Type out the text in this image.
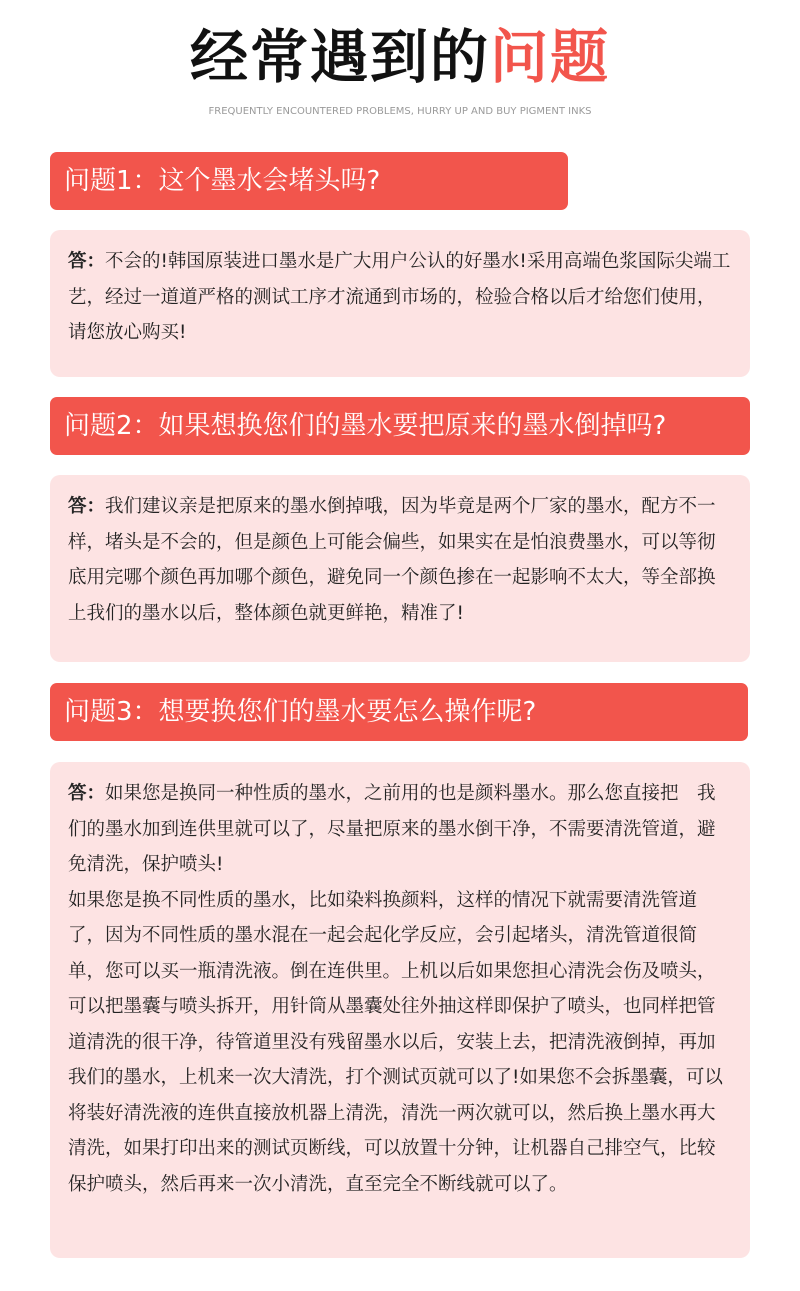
经常遇到的问题
FREQUENTLY ENCOUNTERED PROBLEMS, HURRY UP AND BUY PIGMENT INKS
问题1：这个墨水会堵头吗?

答：不会的!韩国原装进口墨水是广大用户公认的好墨水!采用高端色浆国际尖端工艺，经过一道道严格的测试工序才流通到市场的，检验合格以后才给您们使用，请您放心购买!

问题2：如果想换您们的墨水要把原来的墨水倒掉吗?

答：我们建议亲是把原来的墨水倒掉哦，因为毕竟是两个厂家的墨水，配方不一样，堵头是不会的，但是颜色上可能会偏些，如果实在是怕浪费墨水，可以等彻底用完哪个颜色再加哪个颜色，避免同一个颜色掺在一起影响不太大，等全部换上我们的墨水以后，整体颜色就更鲜艳，精准了!

问题3：想要换您们的墨水要怎么操作呢?

答：如果您是换同一种性质的墨水，之前用的也是颜料墨水。那么您直接把　我们的墨水加到连供里就可以了，尽量把原来的墨水倒干净，不需要清洗管道，避免清洗，保护喷头!

如果您是换不同性质的墨水，比如染料换颜料，这样的情况下就需要清洗管道了，因为不同性质的墨水混在一起会起化学反应，会引起堵头，清洗管道很简单，您可以买一瓶清洗液。倒在连供里。上机以后如果您担心清洗会伤及喷头，可以把墨囊与喷头拆开，用针筒从墨囊处往外抽这样即保护了喷头，也同样把管道清洗的很干净，待管道里没有残留墨水以后，安装上去，把清洗液倒掉，再加我们的墨水，上机来一次大清洗，打个测试页就可以了!如果您不会拆墨囊，可以将装好清洗液的连供直接放机器上清洗，清洗一两次就可以，然后换上墨水再大清洗，如果打印出来的测试页断线，可以放置十分钟，让机器自己排空气，比较保护喷头，然后再来一次小清洗，直至完全不断线就可以了。
